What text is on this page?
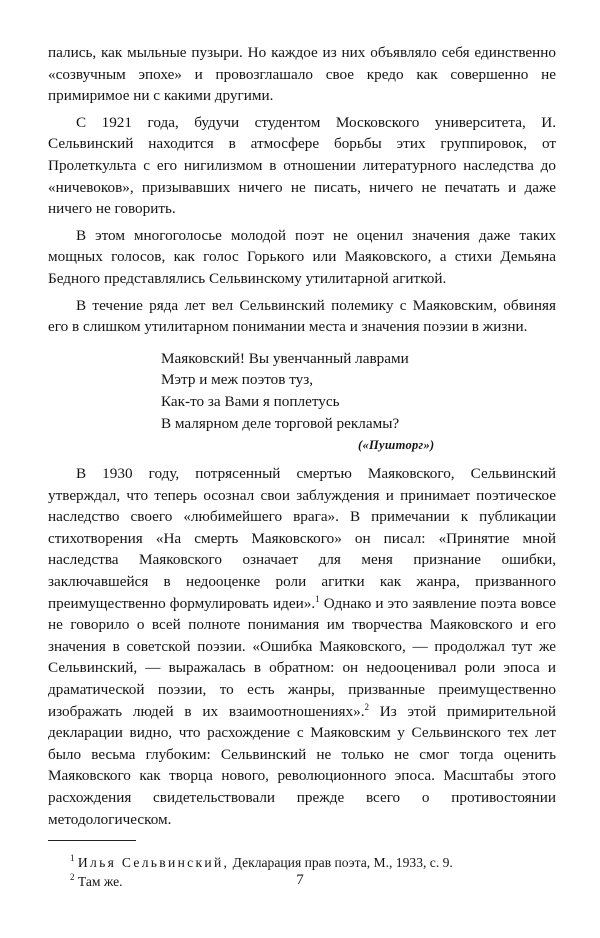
пались, как мыльные пузыри. Но каждое из них объявляло себя единственно «созвучным эпохе» и провозглашало свое кредо как совершенно не примиримое ни с какими другими.

С 1921 года, будучи студентом Московского университета, И. Сельвинский находится в атмосфере борьбы этих группировок, от Пролеткульта с его нигилизмом в отношении литературного наследства до «ничевоков», призывавших ничего не писать, ничего не печатать и даже ничего не говорить.

В этом многоголосье молодой поэт не оценил значения даже таких мощных голосов, как голос Горького или Маяковского, а стихи Демьяна Бедного представлялись Сельвинскому утилитарной агиткой.

В течение ряда лет вел Сельвинский полемику с Маяковским, обвиняя его в слишком утилитарном понимании места и значения поэзии в жизни.

Маяковский! Вы увенчанный лаврами
Мэтр и меж поэтов туз,
Как-то за Вами я поплетусь
В малярном деле торговой рекламы?
(«Пушторг»)

В 1930 году, потрясенный смертью Маяковского, Сельвинский утверждал, что теперь осознал свои заблуждения и принимает поэтическое наследство своего «любимейшего врага». В примечании к публикации стихотворения «На смерть Маяковского» он писал: «Принятие мной наследства Маяковского означает для меня признание ошибки, заключавшейся в недооценке роли агитки как жанра, призванного преимущественно формулировать идеи».$^1$ Однако и это заявление поэта вовсе не говорило о всей полноте понимания им творчества Маяковского и его значения в советской поэзии. «Ошибка Маяковского, — продолжал тут же Сельвинский, — выражалась в обратном: он недооценивал роли эпоса и драматической поэзии, то есть жанры, призванные преимущественно изображать людей в их взаимоотношениях».$^2$ Из этой примирительной декларации видно, что расхождение с Маяковским у Сельвинского тех лет было весьма глубоким: Сельвинский не только не смог тогда оценить Маяковского как творца нового, революционного эпоса. Масштабы этого расхождения свидетельствовали прежде всего о противостоянии методологическом.

$^1$ Илья Сельвинский, Декларация прав поэта, М., 1933, с. 9.

$^2$ Там же.	7
